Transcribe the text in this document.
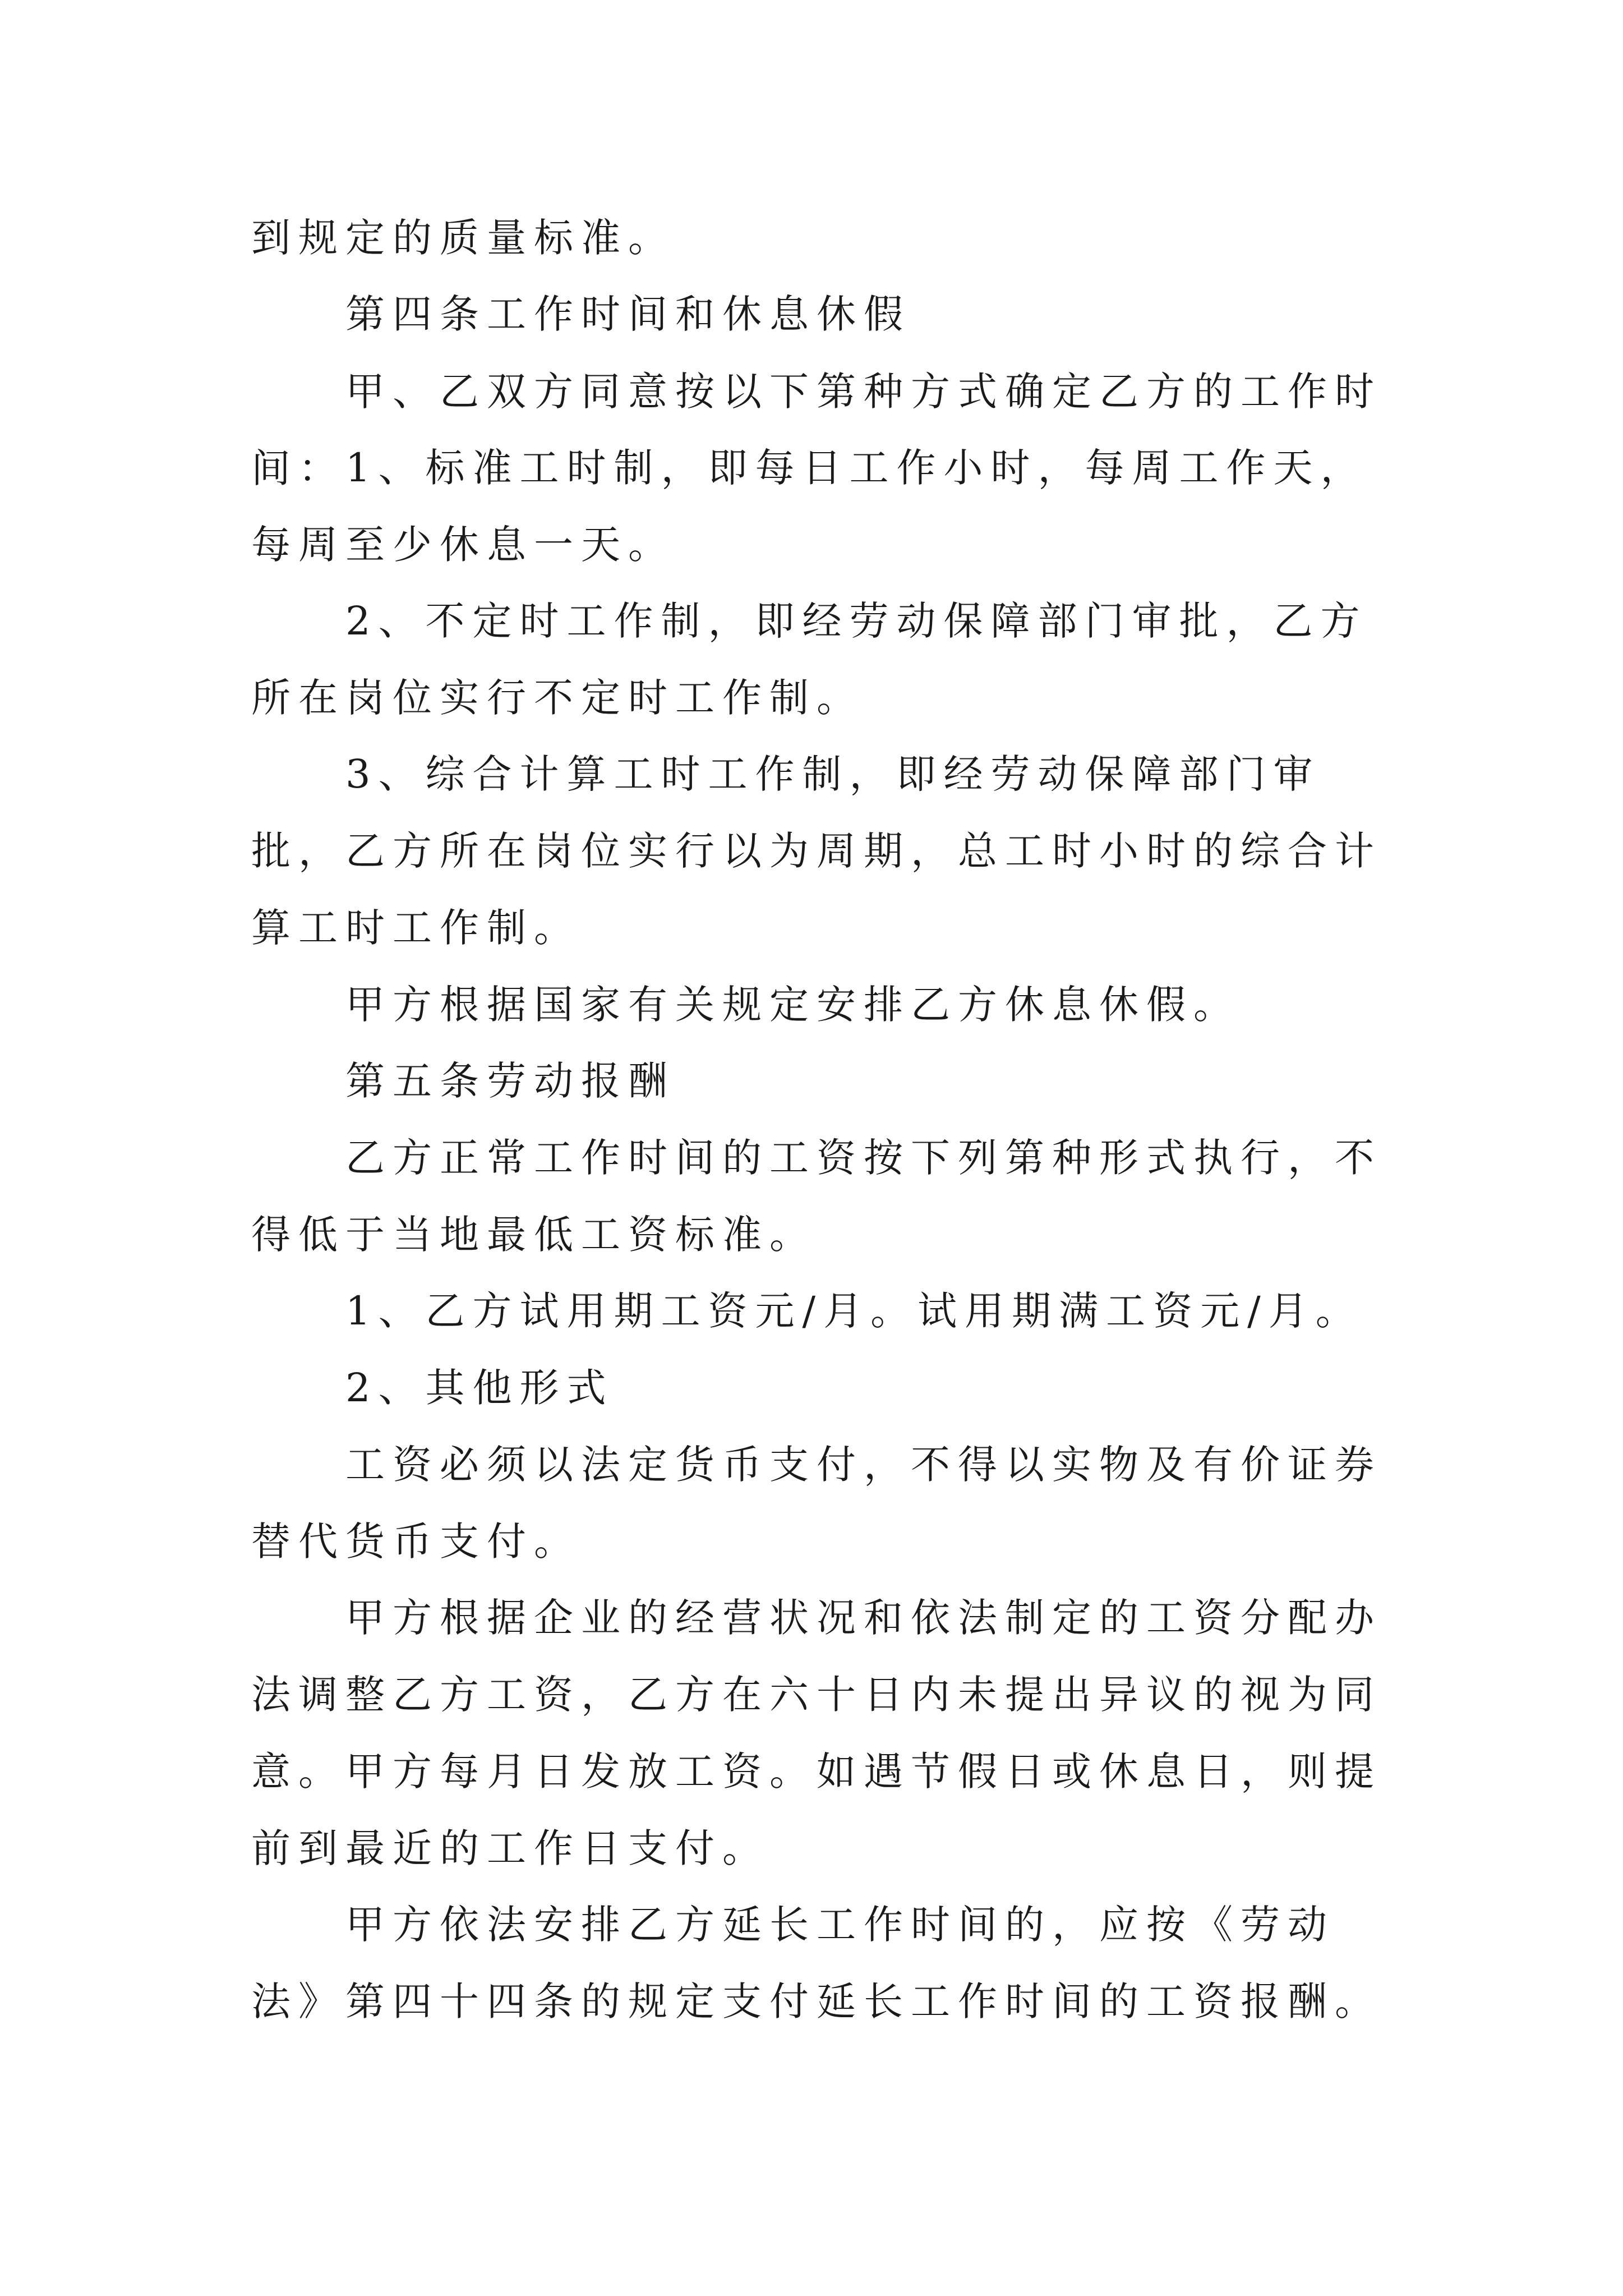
到规定的质量标准。

第四条工作时间和休息休假

甲、乙双方同意按以下第种方式确定乙方的工作时间： 1、标准工时制，即每日工作小时，每周工作天，每周至少休息一天。

2、不定时工作制，即经劳动保障部门审批，乙方所在岗位实行不定时工作制。

3、综合计算工时工作制，即经劳动保障部门审批，乙方所在岗位实行以为周期，总工时小时的综合计算工时工作制。

甲方根据国家有关规定安排乙方休息休假。

第五条劳动报酬

乙方正常工作时间的工资按下列第种形式执行，不得低于当地最低工资标准。

1、乙方试用期工资元/月。试用期满工资元/月。

2、其他形式

工资必须以法定货币支付，不得以实物及有价证券替代货币支付。

甲方根据企业的经营状况和依法制定的工资分配办法调整乙方工资，乙方在六十日内未提出异议的视为同意。 甲方每月日发放工资。如遇节假日或休息日，则提前到最近的工作日支付。

甲方依法安排乙方延长工作时间的，应按《劳动法》第四十四条的规定支付延长工作时间的工资报酬。
